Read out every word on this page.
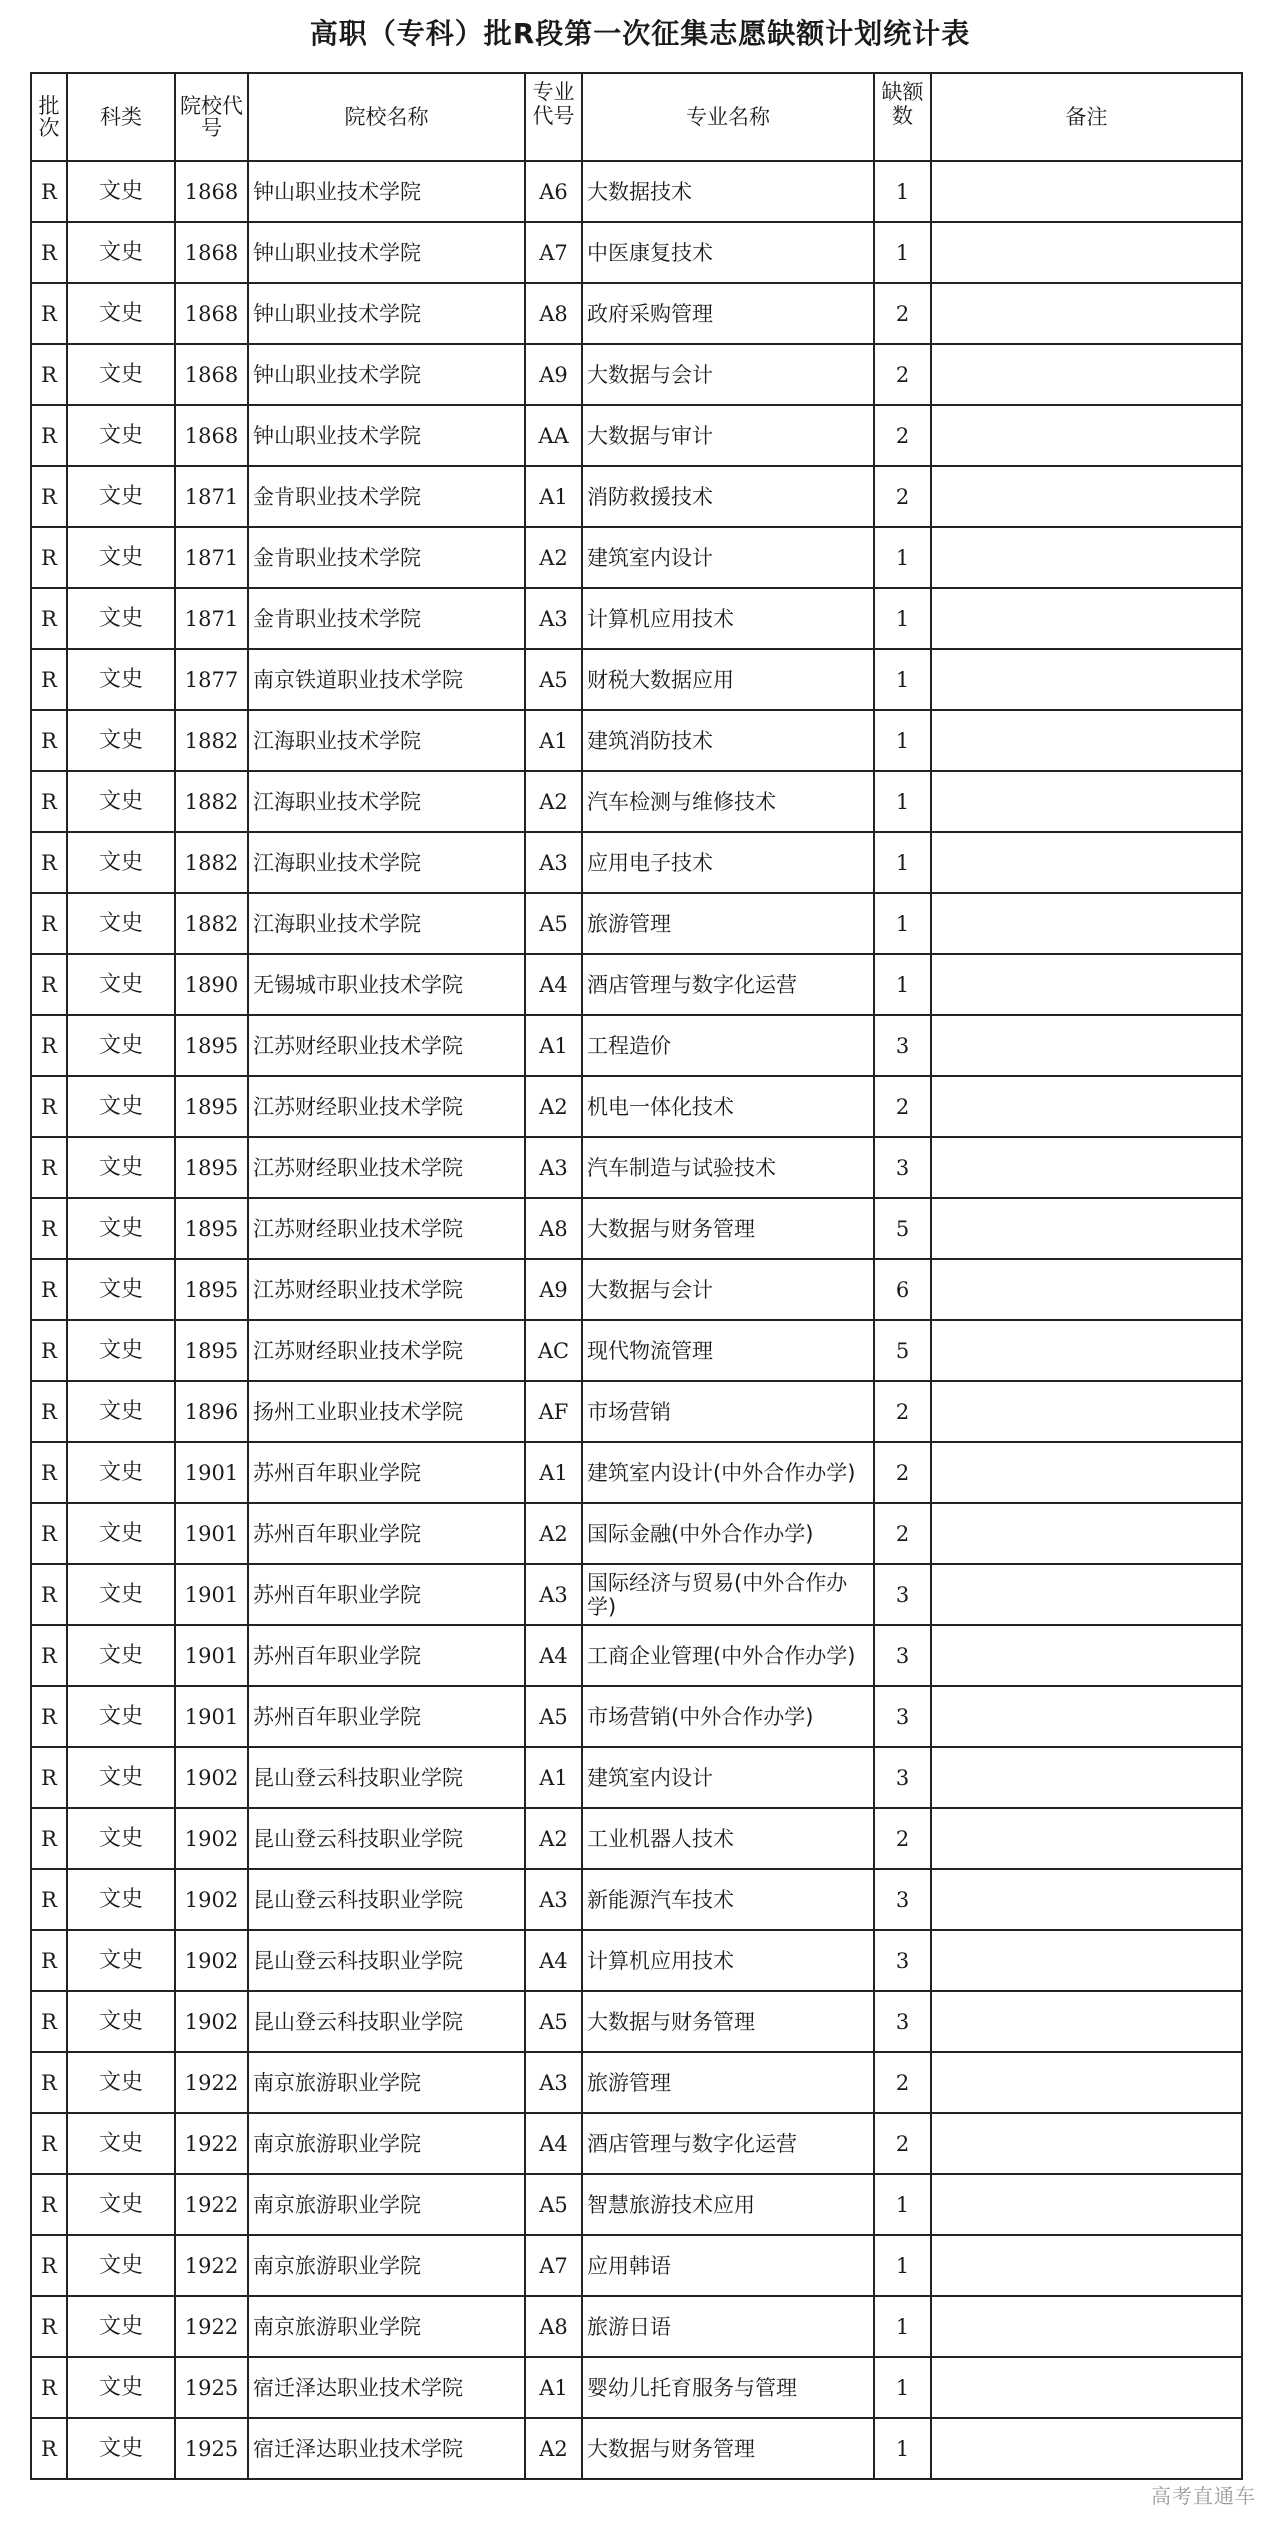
高职（专科）批R段第一次征集志愿缺额计划统计表
批次	科类	院校代号	院校名称	专业代号	专业名称	缺额数	备注
R	文史	1868	钟山职业技术学院	A6	大数据技术	1	
R	文史	1868	钟山职业技术学院	A7	中医康复技术	1	
R	文史	1868	钟山职业技术学院	A8	政府采购管理	2	
R	文史	1868	钟山职业技术学院	A9	大数据与会计	2	
R	文史	1868	钟山职业技术学院	AA	大数据与审计	2	
R	文史	1871	金肯职业技术学院	A1	消防救援技术	2	
R	文史	1871	金肯职业技术学院	A2	建筑室内设计	1	
R	文史	1871	金肯职业技术学院	A3	计算机应用技术	1	
R	文史	1877	南京铁道职业技术学院	A5	财税大数据应用	1	
R	文史	1882	江海职业技术学院	A1	建筑消防技术	1	
R	文史	1882	江海职业技术学院	A2	汽车检测与维修技术	1	
R	文史	1882	江海职业技术学院	A3	应用电子技术	1	
R	文史	1882	江海职业技术学院	A5	旅游管理	1	
R	文史	1890	无锡城市职业技术学院	A4	酒店管理与数字化运营	1	
R	文史	1895	江苏财经职业技术学院	A1	工程造价	3	
R	文史	1895	江苏财经职业技术学院	A2	机电一体化技术	2	
R	文史	1895	江苏财经职业技术学院	A3	汽车制造与试验技术	3	
R	文史	1895	江苏财经职业技术学院	A8	大数据与财务管理	5	
R	文史	1895	江苏财经职业技术学院	A9	大数据与会计	6	
R	文史	1895	江苏财经职业技术学院	AC	现代物流管理	5	
R	文史	1896	扬州工业职业技术学院	AF	市场营销	2	
R	文史	1901	苏州百年职业学院	A1	建筑室内设计(中外合作办学)	2	
R	文史	1901	苏州百年职业学院	A2	国际金融(中外合作办学)	2	
R	文史	1901	苏州百年职业学院	A3	国际经济与贸易(中外合作办学)	3	
R	文史	1901	苏州百年职业学院	A4	工商企业管理(中外合作办学)	3	
R	文史	1901	苏州百年职业学院	A5	市场营销(中外合作办学)	3	
R	文史	1902	昆山登云科技职业学院	A1	建筑室内设计	3	
R	文史	1902	昆山登云科技职业学院	A2	工业机器人技术	2	
R	文史	1902	昆山登云科技职业学院	A3	新能源汽车技术	3	
R	文史	1902	昆山登云科技职业学院	A4	计算机应用技术	3	
R	文史	1902	昆山登云科技职业学院	A5	大数据与财务管理	3	
R	文史	1922	南京旅游职业学院	A3	旅游管理	2	
R	文史	1922	南京旅游职业学院	A4	酒店管理与数字化运营	2	
R	文史	1922	南京旅游职业学院	A5	智慧旅游技术应用	1	
R	文史	1922	南京旅游职业学院	A7	应用韩语	1	
R	文史	1922	南京旅游职业学院	A8	旅游日语	1	
R	文史	1925	宿迁泽达职业技术学院	A1	婴幼儿托育服务与管理	1	
R	文史	1925	宿迁泽达职业技术学院	A2	大数据与财务管理	1	
高考直通车
